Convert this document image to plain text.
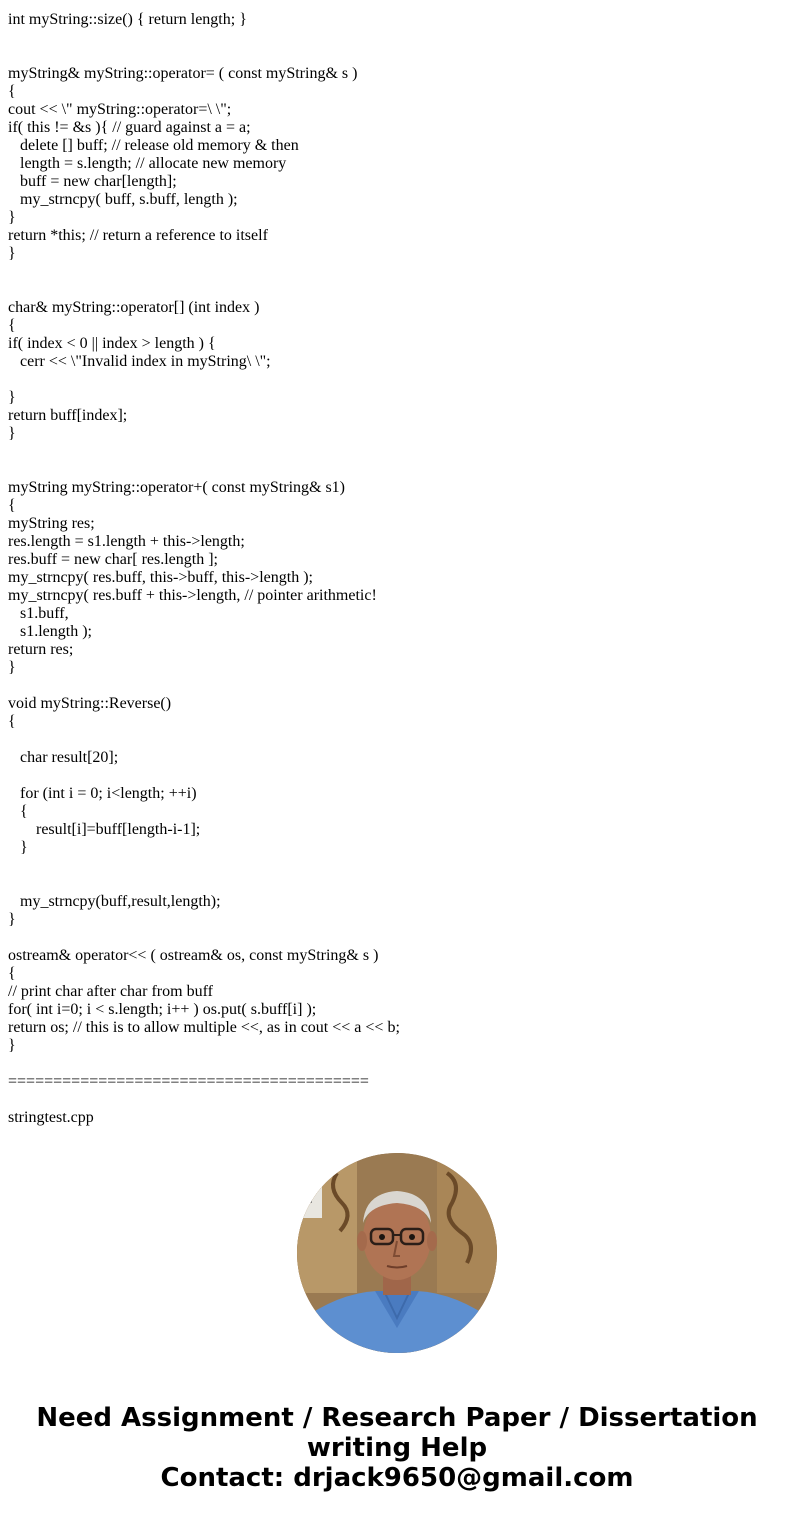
int myString::size() { return length; }
myString& myString::operator= ( const myString& s )
{
cout << \" myString::operator=\ \";
if( this != &s ){ // guard against a = a;
delete [] buff; // release old memory & then
length = s.length; // allocate new memory
buff = new char[length];
my_strncpy( buff, s.buff, length );
}
return *this; // return a reference to itself
}
char& myString::operator[] (int index )
{
if( index < 0 || index > length ) {
cerr << \"Invalid index in myString\ \";
}
return buff[index];
}
myString myString::operator+( const myString& s1)
{
myString res;
res.length = s1.length + this->length;
res.buff = new char[ res.length ];
my_strncpy( res.buff, this->buff, this->length );
my_strncpy( res.buff + this->length, // pointer arithmetic!
s1.buff,
s1.length );
return res;
}
void myString::Reverse()
{
char result[20];
for (int i = 0; i<length; ++i)
{
result[i]=buff[length-i-1];
}
my_strncpy(buff,result,length);
}
ostream& operator<< ( ostream& os, const myString& s )
{
// print char after char from buff
for( int i=0; i < s.length; i++ ) os.put( s.buff[i] );
return os; // this is to allow multiple <<, as in cout << a << b;
}
========================================
stringtest.cpp
Need Assignment / Research Paper / Dissertation
writing Help
Contact: drjack9650@gmail.com
